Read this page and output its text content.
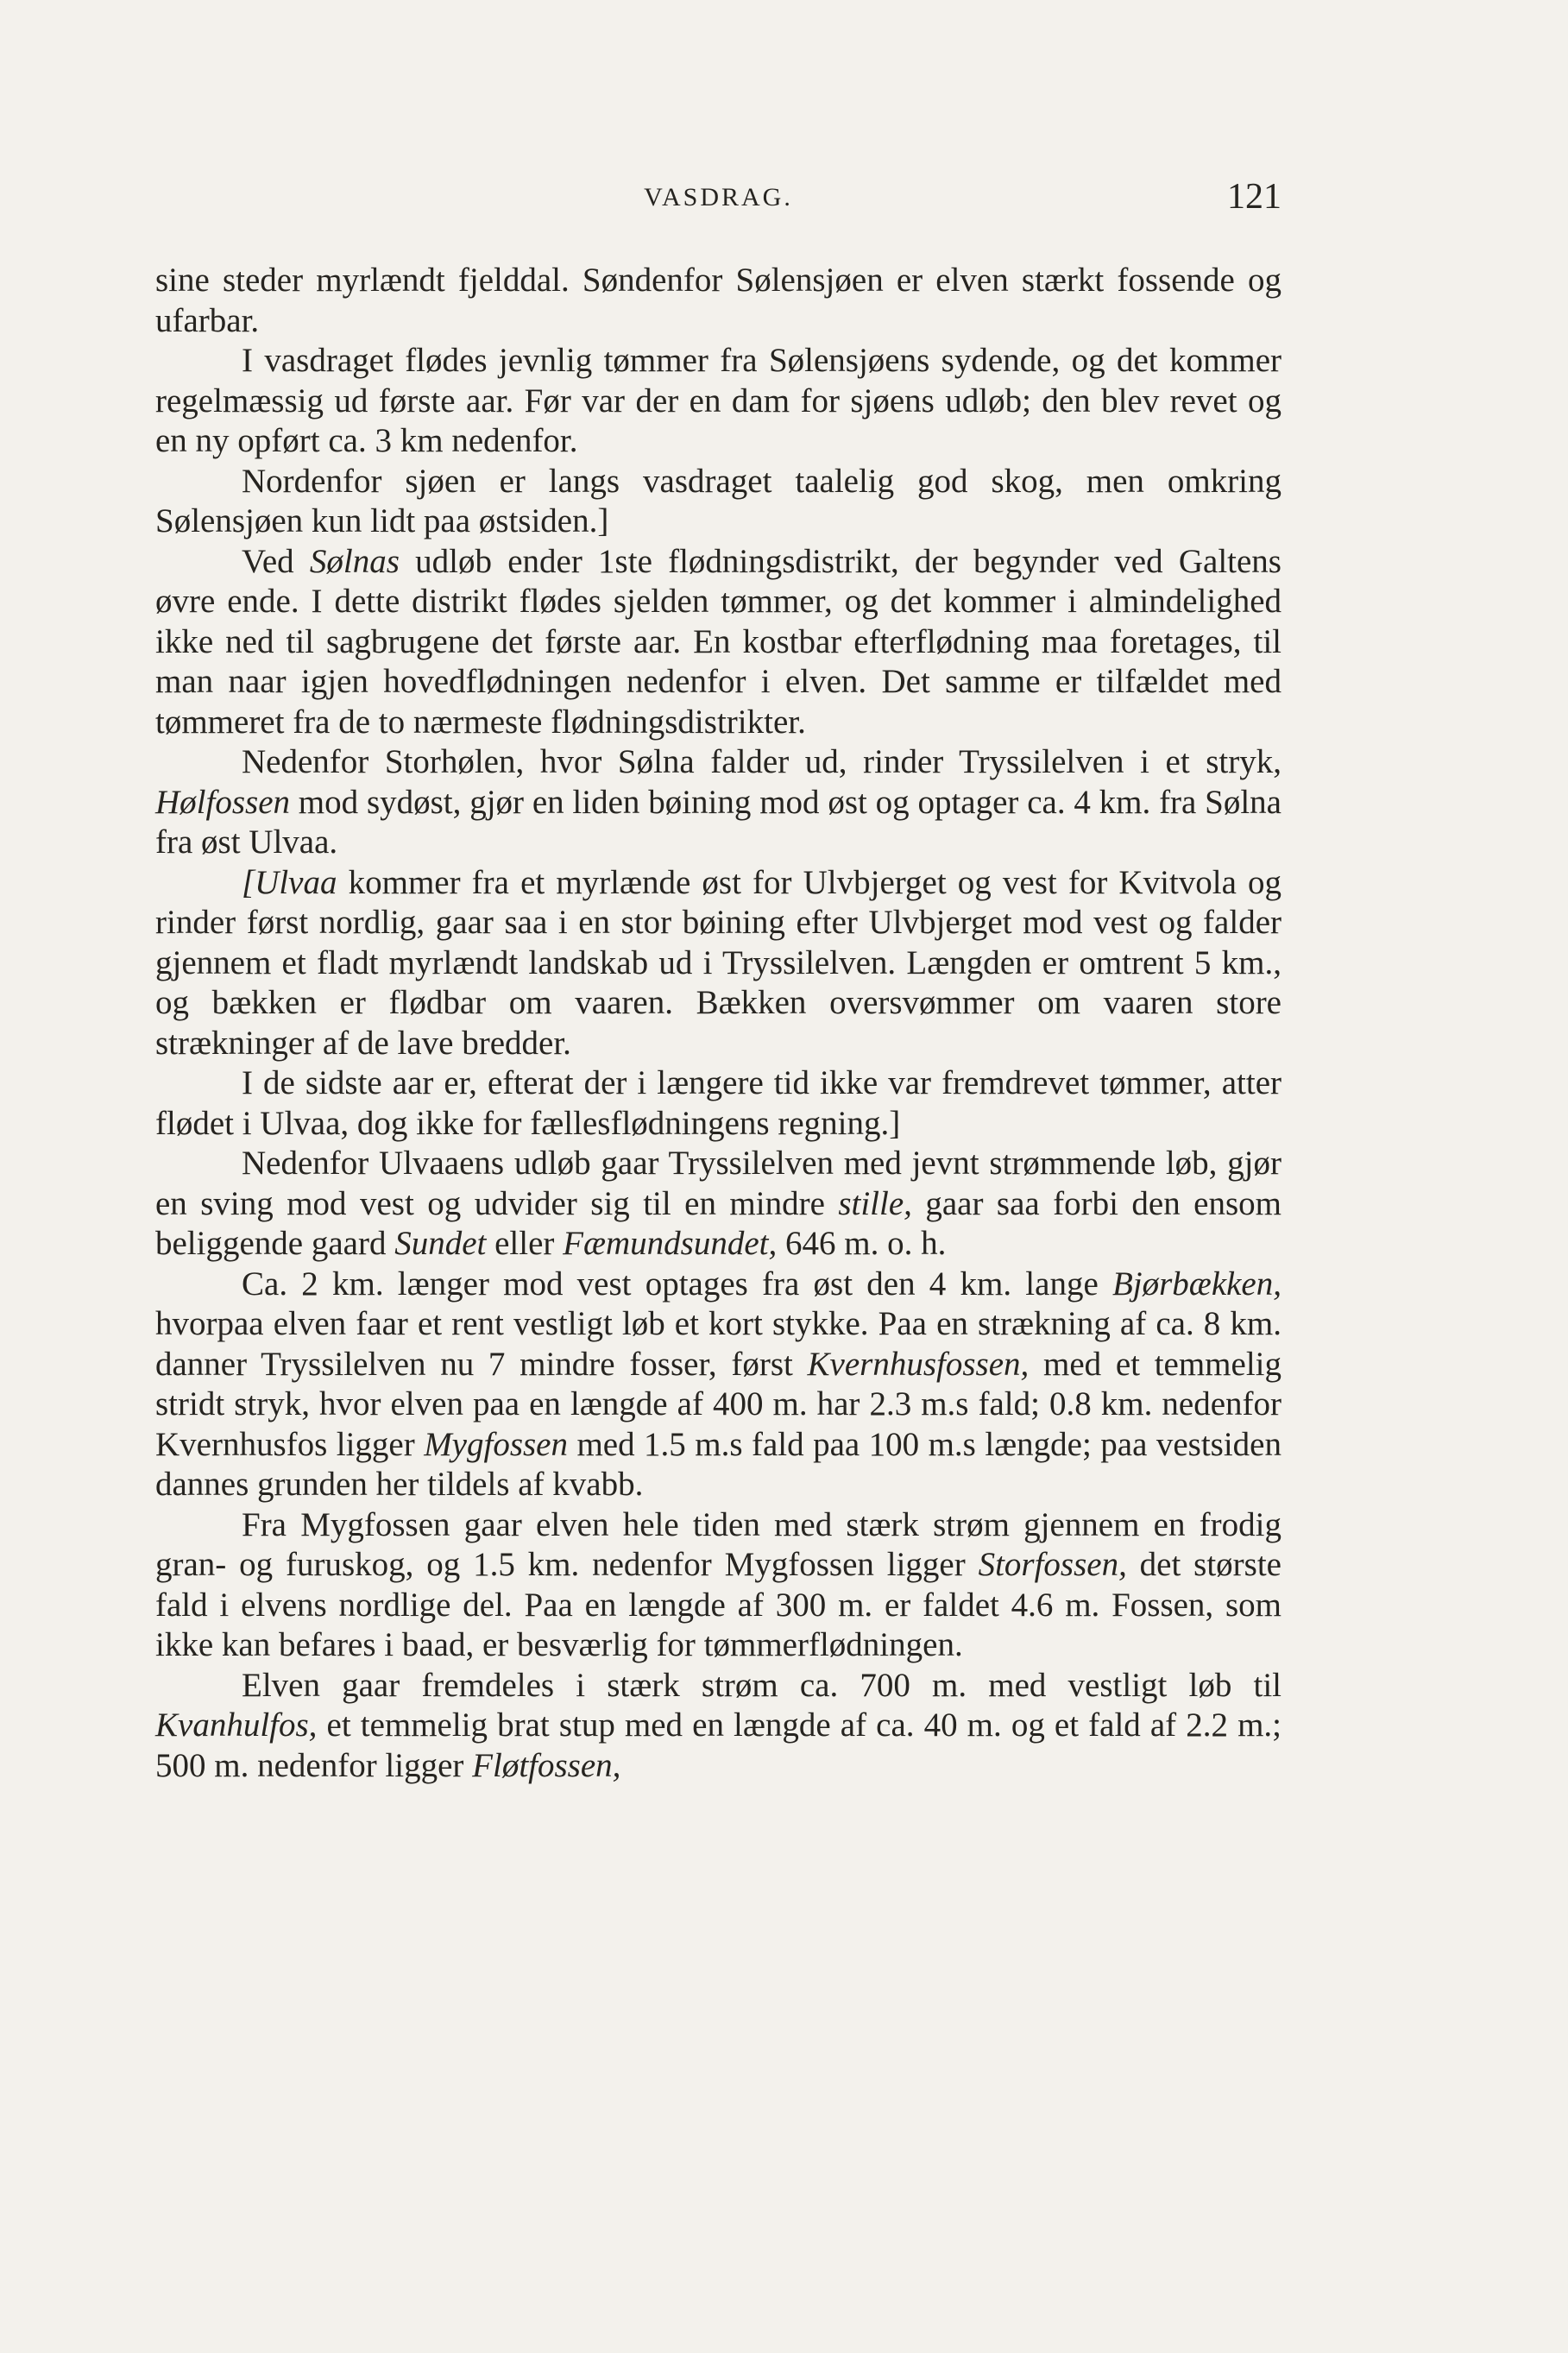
VASDRAG.	121

sine steder myrlændt fjelddal. Søndenfor Sølensjøen er elven stærkt fossende og ufarbar.

I vasdraget flødes jevnlig tømmer fra Sølensjøens sydende, og det kommer regelmæssig ud første aar. Før var der en dam for sjøens udløb; den blev revet og en ny opført ca. 3 km nedenfor.

Nordenfor sjøen er langs vasdraget taalelig god skog, men omkring Sølensjøen kun lidt paa østsiden.]

Ved Sølnas udløb ender 1ste flødningsdistrikt, der begynder ved Galtens øvre ende. I dette distrikt flødes sjelden tømmer, og det kommer i almindelighed ikke ned til sagbrugene det første aar. En kostbar efterflødning maa foretages, til man naar igjen hovedflødningen nedenfor i elven. Det samme er tilfældet med tømmeret fra de to nærmeste flødningsdistrikter.

Nedenfor Storhølen, hvor Sølna falder ud, rinder Tryssilelven i et stryk, Hølfossen mod sydøst, gjør en liden bøining mod øst og optager ca. 4 km. fra Sølna fra øst Ulvaa.

[Ulvaa kommer fra et myrlænde øst for Ulvbjerget og vest for Kvitvola og rinder først nordlig, gaar saa i en stor bøining efter Ulvbjerget mod vest og falder gjennem et fladt myrlændt landskab ud i Tryssilelven. Længden er omtrent 5 km., og bækken er flødbar om vaaren. Bækken oversvømmer om vaaren store strækninger af de lave bredder.

I de sidste aar er, efterat der i længere tid ikke var fremdrevet tømmer, atter flødet i Ulvaa, dog ikke for fællesflødningens regning.]

Nedenfor Ulvaaens udløb gaar Tryssilelven med jevnt strømmende løb, gjør en sving mod vest og udvider sig til en mindre stille, gaar saa forbi den ensom beliggende gaard Sundet eller Fæmundsundet, 646 m. o. h.

Ca. 2 km. længer mod vest optages fra øst den 4 km. lange Bjørbækken, hvorpaa elven faar et rent vestligt løb et kort stykke. Paa en strækning af ca. 8 km. danner Tryssilelven nu 7 mindre fosser, først Kvernhusfossen, med et temmelig stridt stryk, hvor elven paa en længde af 400 m. har 2.3 m.s fald; 0.8 km. nedenfor Kvernhusfos ligger Mygfossen med 1.5 m.s fald paa 100 m.s længde; paa vestsiden dannes grunden her tildels af kvabb.

Fra Mygfossen gaar elven hele tiden med stærk strøm gjennem en frodig gran- og furuskog, og 1.5 km. nedenfor Mygfossen ligger Storfossen, det største fald i elvens nordlige del. Paa en længde af 300 m. er faldet 4.6 m. Fossen, som ikke kan befares i baad, er besværlig for tømmerflødningen.

Elven gaar fremdeles i stærk strøm ca. 700 m. med vestligt løb til Kvanhulfos, et temmelig brat stup med en længde af ca. 40 m. og et fald af 2.2 m.; 500 m. nedenfor ligger Fløtfossen,
